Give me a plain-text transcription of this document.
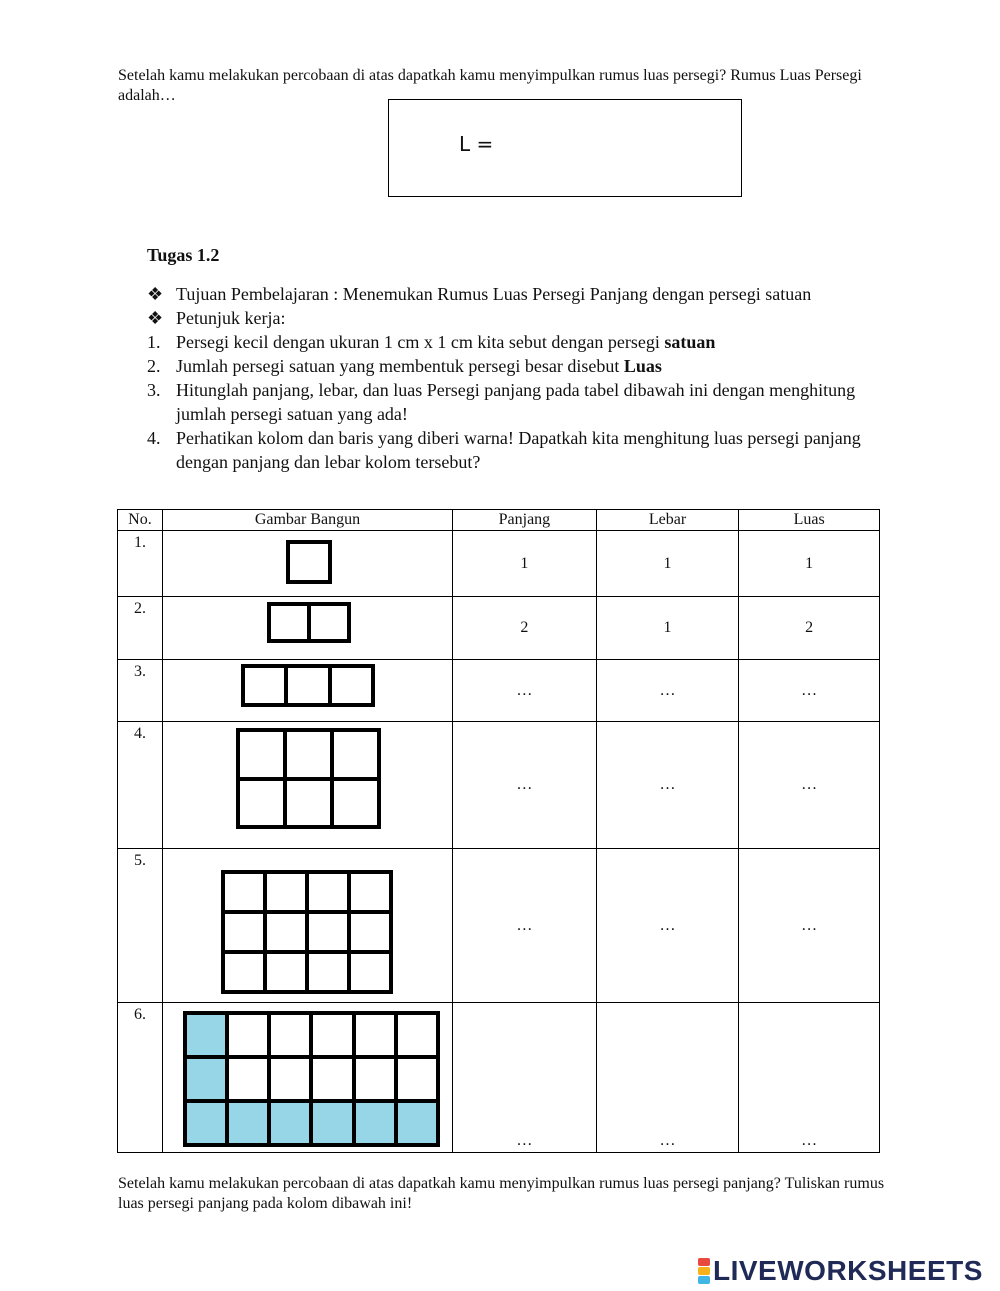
Setelah kamu melakukan percobaan di atas dapatkah kamu menyimpulkan rumus luas persegi? Rumus Luas Persegi adalah…
L =
Tugas 1.2
❖ Tujuan Pembelajaran : Menemukan Rumus Luas Persegi Panjang dengan persegi satuan
❖ Petunjuk kerja:
1. Persegi kecil dengan ukuran 1 cm x 1 cm kita sebut dengan persegi satuan
2. Jumlah persegi satuan yang membentuk persegi besar disebut Luas
3. Hitunglah panjang, lebar, dan luas Persegi panjang pada tabel dibawah ini dengan menghitung jumlah persegi satuan yang ada!
4. Perhatikan kolom dan baris yang diberi warna! Dapatkah kita menghitung luas persegi panjang dengan panjang dan lebar kolom tersebut?
No.	Gambar Bangun	Panjang	Lebar	Luas
1.		1	1	1
2.		2	1	2
3.		…	…	…
4.		…	…	…
5.		…	…	…
6.		…	…	…
Setelah kamu melakukan percobaan di atas dapatkah kamu menyimpulkan rumus luas persegi panjang? Tuliskan rumus luas persegi panjang pada kolom dibawah ini!
LIVEWORKSHEETS
